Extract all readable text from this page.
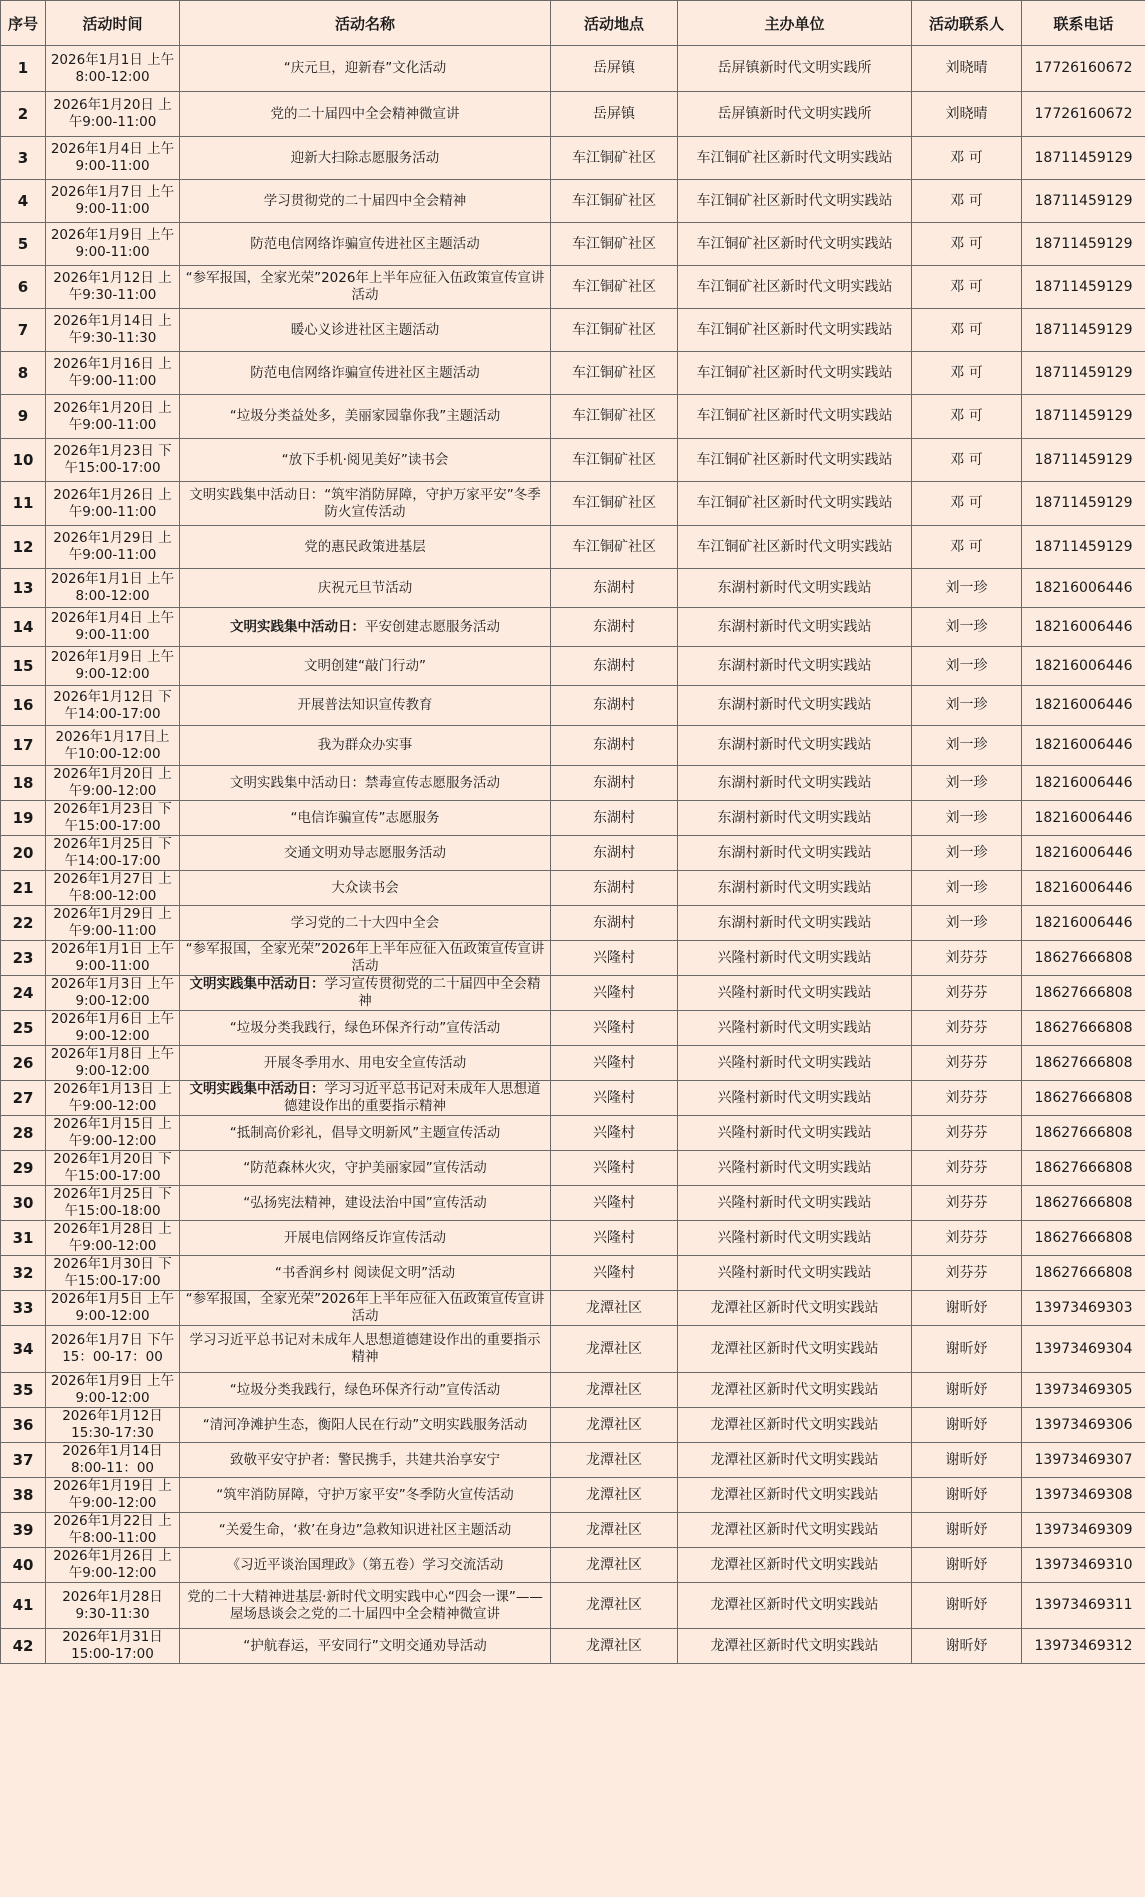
序号	活动时间	活动名称	活动地点	主办单位	活动联系人	联系电话
1	2026年1月1日 上午8:00-12:00	“庆元旦，迎新春”文化活动	岳屏镇	岳屏镇新时代文明实践所	刘晓晴	17726160672
2	2026年1月20日 上午9:00-11:00	党的二十届四中全会精神微宣讲	岳屏镇	岳屏镇新时代文明实践所	刘晓晴	17726160672
3	2026年1月4日 上午9:00-11:00	迎新大扫除志愿服务活动	车江铜矿社区	车江铜矿社区新时代文明实践站	邓 可	18711459129
4	2026年1月7日 上午9:00-11:00	学习贯彻党的二十届四中全会精神	车江铜矿社区	车江铜矿社区新时代文明实践站	邓 可	18711459129
5	2026年1月9日 上午9:00-11:00	防范电信网络诈骗宣传进社区主题活动	车江铜矿社区	车江铜矿社区新时代文明实践站	邓 可	18711459129
6	2026年1月12日 上午9:30-11:00	“参军报国，全家光荣”2026年上半年应征入伍政策宣传宣讲活动	车江铜矿社区	车江铜矿社区新时代文明实践站	邓 可	18711459129
7	2026年1月14日 上午9:30-11:30	暖心义诊进社区主题活动	车江铜矿社区	车江铜矿社区新时代文明实践站	邓 可	18711459129
8	2026年1月16日 上午9:00-11:00	防范电信网络诈骗宣传进社区主题活动	车江铜矿社区	车江铜矿社区新时代文明实践站	邓 可	18711459129
9	2026年1月20日 上午9:00-11:00	“垃圾分类益处多，美丽家园靠你我”主题活动	车江铜矿社区	车江铜矿社区新时代文明实践站	邓 可	18711459129
10	2026年1月23日 下午15:00-17:00	“放下手机·阅见美好”读书会	车江铜矿社区	车江铜矿社区新时代文明实践站	邓 可	18711459129
11	2026年1月26日 上午9:00-11:00	文明实践集中活动日：“筑牢消防屏障，守护万家平安”冬季防火宣传活动	车江铜矿社区	车江铜矿社区新时代文明实践站	邓 可	18711459129
12	2026年1月29日 上午9:00-11:00	党的惠民政策进基层	车江铜矿社区	车江铜矿社区新时代文明实践站	邓 可	18711459129
13	2026年1月1日 上午8:00-12:00	庆祝元旦节活动	东湖村	东湖村新时代文明实践站	刘一珍	18216006446
14	2026年1月4日 上午9:00-11:00	文明实践集中活动日：平安创建志愿服务活动	东湖村	东湖村新时代文明实践站	刘一珍	18216006446
15	2026年1月9日 上午9:00-12:00	文明创建“敲门行动”	东湖村	东湖村新时代文明实践站	刘一珍	18216006446
16	2026年1月12日 下午14:00-17:00	开展普法知识宣传教育	东湖村	东湖村新时代文明实践站	刘一珍	18216006446
17	2026年1月17日上午10:00-12:00	我为群众办实事	东湖村	东湖村新时代文明实践站	刘一珍	18216006446
18	2026年1月20日 上午9:00-12:00	文明实践集中活动日：禁毒宣传志愿服务活动	东湖村	东湖村新时代文明实践站	刘一珍	18216006446
19	2026年1月23日 下午15:00-17:00	“电信诈骗宣传”志愿服务	东湖村	东湖村新时代文明实践站	刘一珍	18216006446
20	2026年1月25日 下午14:00-17:00	交通文明劝导志愿服务活动	东湖村	东湖村新时代文明实践站	刘一珍	18216006446
21	2026年1月27日 上午8:00-12:00	大众读书会	东湖村	东湖村新时代文明实践站	刘一珍	18216006446
22	2026年1月29日 上午9:00-11:00	学习党的二十大四中全会	东湖村	东湖村新时代文明实践站	刘一珍	18216006446
23	2026年1月1日 上午9:00-11:00	“参军报国，全家光荣”2026年上半年应征入伍政策宣传宣讲活动	兴隆村	兴隆村新时代文明实践站	刘芬芬	18627666808
24	2026年1月3日 上午9:00-12:00	文明实践集中活动日：学习宣传贯彻党的二十届四中全会精神	兴隆村	兴隆村新时代文明实践站	刘芬芬	18627666808
25	2026年1月6日 上午9:00-12:00	“垃圾分类我践行，绿色环保齐行动”宣传活动	兴隆村	兴隆村新时代文明实践站	刘芬芬	18627666808
26	2026年1月8日 上午9:00-12:00	开展冬季用水、用电安全宣传活动	兴隆村	兴隆村新时代文明实践站	刘芬芬	18627666808
27	2026年1月13日 上午9:00-12:00	文明实践集中活动日：学习习近平总书记对未成年人思想道德建设作出的重要指示精神	兴隆村	兴隆村新时代文明实践站	刘芬芬	18627666808
28	2026年1月15日 上午9:00-12:00	“抵制高价彩礼，倡导文明新风”主题宣传活动	兴隆村	兴隆村新时代文明实践站	刘芬芬	18627666808
29	2026年1月20日 下午15:00-17:00	“防范森林火灾，守护美丽家园”宣传活动	兴隆村	兴隆村新时代文明实践站	刘芬芬	18627666808
30	2026年1月25日 下午15:00-18:00	“弘扬宪法精神，建设法治中国”宣传活动	兴隆村	兴隆村新时代文明实践站	刘芬芬	18627666808
31	2026年1月28日 上午9:00-12:00	开展电信网络反诈宣传活动	兴隆村	兴隆村新时代文明实践站	刘芬芬	18627666808
32	2026年1月30日 下午15:00-17:00	“书香润乡村 阅读促文明”活动	兴隆村	兴隆村新时代文明实践站	刘芬芬	18627666808
33	2026年1月5日 上午9:00-12:00	“参军报国，全家光荣”2026年上半年应征入伍政策宣传宣讲活动	龙潭社区	龙潭社区新时代文明实践站	谢昕妤	13973469303
34	2026年1月7日 下午15：00-17：00	学习习近平总书记对未成年人思想道德建设作出的重要指示精神	龙潭社区	龙潭社区新时代文明实践站	谢昕妤	13973469304
35	2026年1月9日 上午9:00-12:00	“垃圾分类我践行，绿色环保齐行动”宣传活动	龙潭社区	龙潭社区新时代文明实践站	谢昕妤	13973469305
36	2026年1月12日 15:30-17:30	“清河净滩护生态，衡阳人民在行动”文明实践服务活动	龙潭社区	龙潭社区新时代文明实践站	谢昕妤	13973469306
37	2026年1月14日8:00-11：00	致敬平安守护者：警民携手，共建共治享安宁	龙潭社区	龙潭社区新时代文明实践站	谢昕妤	13973469307
38	2026年1月19日 上午9:00-12:00	“筑牢消防屏障，守护万家平安”冬季防火宣传活动	龙潭社区	龙潭社区新时代文明实践站	谢昕妤	13973469308
39	2026年1月22日 上午8:00-11:00	“关爱生命，‘救’在身边”急救知识进社区主题活动	龙潭社区	龙潭社区新时代文明实践站	谢昕妤	13973469309
40	2026年1月26日 上午9:00-12:00	《习近平谈治国理政》（第五卷）学习交流活动	龙潭社区	龙潭社区新时代文明实践站	谢昕妤	13973469310
41	2026年1月28日 9:30-11:30	党的二十大精神进基层·新时代文明实践中心“四会一课”——屋场恳谈会之党的二十届四中全会精神微宣讲	龙潭社区	龙潭社区新时代文明实践站	谢昕妤	13973469311
42	2026年1月31日 15:00-17:00	“护航春运，平安同行”文明交通劝导活动	龙潭社区	龙潭社区新时代文明实践站	谢昕妤	13973469312
